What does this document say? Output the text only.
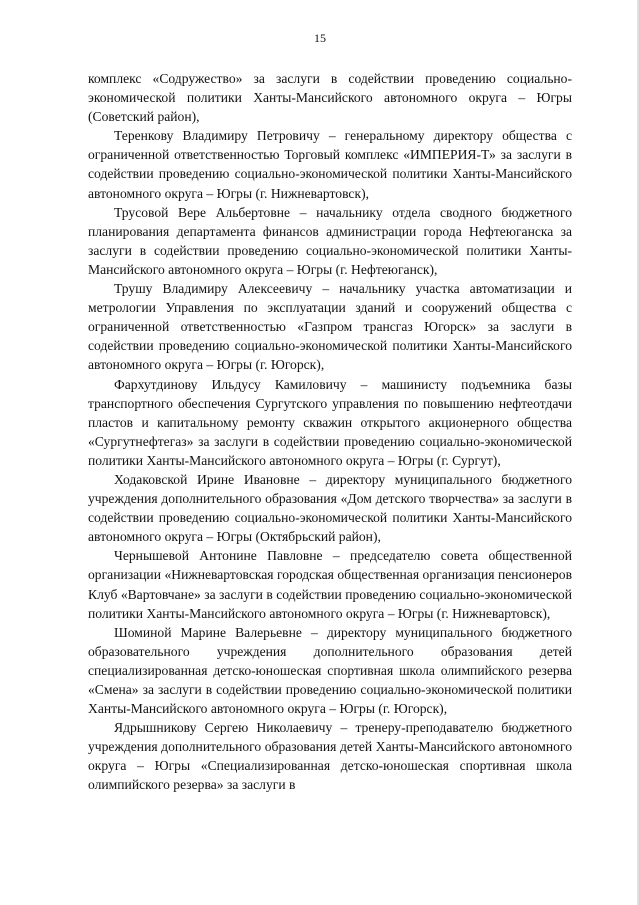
15

комплекс «Содружество» за заслуги в содействии проведению социально-экономической политики Ханты-Мансийского автономного округа – Югры (Советский район),

Теренкову Владимиру Петровичу – генеральному директору общества с ограниченной ответственностью Торговый комплекс «ИМПЕРИЯ-Т» за заслуги в содействии проведению социально-экономической политики Ханты-Мансийского автономного округа – Югры (г. Нижневартовск),

Трусовой Вере Альбертовне – начальнику отдела сводного бюджетного планирования департамента финансов администрации города Нефтеюганска за заслуги в содействии проведению социально-экономической политики Ханты-Мансийского автономного округа – Югры (г. Нефтеюганск),

Трушу Владимиру Алексеевичу – начальнику участка автоматизации и метрологии Управления по эксплуатации зданий и сооружений общества с ограниченной ответственностью «Газпром трансгаз Югорск» за заслуги в содействии проведению социально-экономической политики Ханты-Мансийского автономного округа – Югры (г. Югорск),

Фархутдинову Ильдусу Камиловичу – машинисту подъемника базы транспортного обеспечения Сургутского управления по повышению нефтеотдачи пластов и капитальному ремонту скважин открытого акционерного общества «Сургутнефтегаз» за заслуги в содействии проведению социально-экономической политики Ханты-Мансийского автономного округа – Югры (г. Сургут),

Ходаковской Ирине Ивановне – директору муниципального бюджетного учреждения дополнительного образования «Дом детского творчества» за заслуги в содействии проведению социально-экономической политики Ханты-Мансийского автономного округа – Югры (Октябрьский район),

Чернышевой Антонине Павловне – председателю совета общественной организации «Нижневартовская городская общественная организация пенсионеров Клуб «Вартовчане» за заслуги в содействии проведению социально-экономической политики Ханты-Мансийского автономного округа – Югры (г. Нижневартовск),

Шоминой Марине Валерьевне – директору муниципального бюджетного образовательного учреждения дополнительного образования детей специализированная детско-юношеская спортивная школа олимпийского резерва «Смена» за заслуги в содействии проведению социально-экономической политики Ханты-Мансийского автономного округа – Югры (г. Югорск),

Ядрышникову Сергею Николаевичу – тренеру-преподавателю бюджетного учреждения дополнительного образования детей Ханты-Мансийского автономного округа – Югры «Специализированная детско-юношеская спортивная школа олимпийского резерва» за заслуги в
